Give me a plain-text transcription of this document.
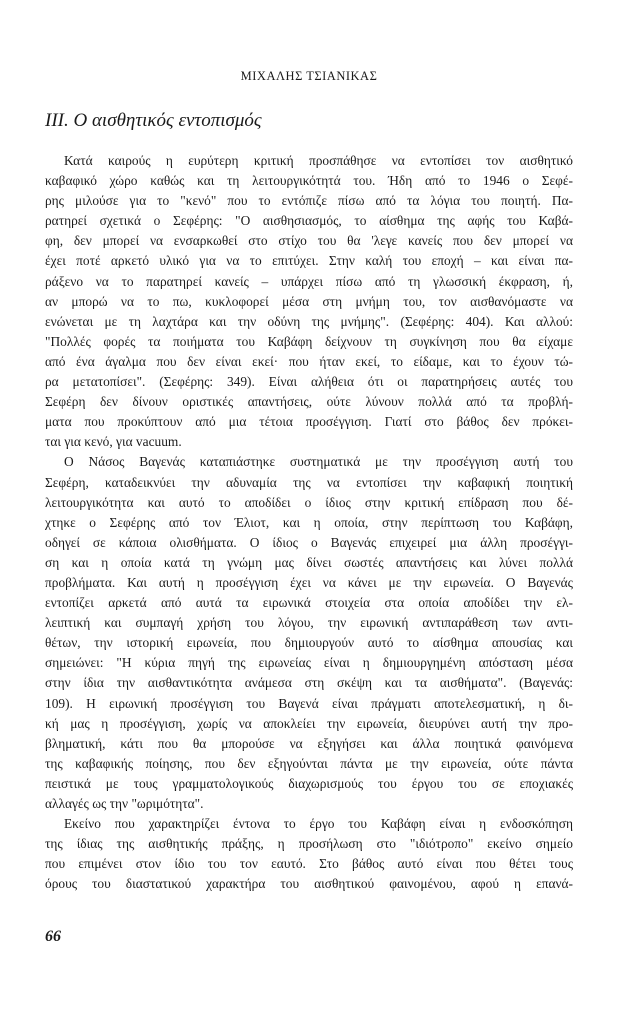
ΜΙΧΑΛΗΣ ΤΣΙΑΝΙΚΑΣ
ΙΙΙ. Ο αισθητικός εντοπισμός
Κατά καιρούς η ευρύτερη κριτική προσπάθησε να εντοπίσει τον αισθητικό
καβαφικό χώρο καθώς και τη λειτουργικότητά του. Ήδη από το 1946 ο Σεφέ-
ρης μιλούσε για το "κενό" που το εντόπιζε πίσω από τα λόγια του ποιητή. Πα-
ρατηρεί σχετικά ο Σεφέρης: "Ο αισθησιασμός, το αίσθημα της αφής του Καβά-
φη, δεν μπορεί να ενσαρκωθεί στο στίχο του θα 'λεγε κανείς που δεν μπορεί να
έχει ποτέ αρκετό υλικό για να το επιτύχει. Στην καλή του εποχή – και είναι πα-
ράξενο να το παρατηρεί κανείς – υπάρχει πίσω από τη γλωσσική έκφραση, ή,
αν μπορώ να το πω, κυκλοφορεί μέσα στη μνήμη του, τον αισθανόμαστε να
ενώνεται με τη λαχτάρα και την οδύνη της μνήμης". (Σεφέρης: 404). Και αλλού:
"Πολλές φορές τα ποιήματα του Καβάφη δείχνουν τη συγκίνηση που θα είχαμε
από ένα άγαλμα που δεν είναι εκεί· που ήταν εκεί, το είδαμε, και το έχουν τώ-
ρα μετατοπίσει". (Σεφέρης: 349). Είναι αλήθεια ότι οι παρατηρήσεις αυτές του
Σεφέρη δεν δίνουν οριστικές απαντήσεις, ούτε λύνουν πολλά από τα προβλή-
ματα που προκύπτουν από μια τέτοια προσέγγιση. Γιατί στο βάθος δεν πρόκει-
ται για κενό, για vacuum.
Ο Νάσος Βαγενάς καταπιάστηκε συστηματικά με την προσέγγιση αυτή του
Σεφέρη, καταδεικνύει την αδυναμία της να εντοπίσει την καβαφική ποιητική
λειτουργικότητα και αυτό το αποδίδει ο ίδιος στην κριτική επίδραση που δέ-
χτηκε ο Σεφέρης από τον Έλιοτ, και η οποία, στην περίπτωση του Καβάφη,
οδηγεί σε κάποια ολισθήματα. Ο ίδιος ο Βαγενάς επιχειρεί μια άλλη προσέγγι-
ση και η οποία κατά τη γνώμη μας δίνει σωστές απαντήσεις και λύνει πολλά
προβλήματα. Και αυτή η προσέγγιση έχει να κάνει με την ειρωνεία. Ο Βαγενάς
εντοπίζει αρκετά από αυτά τα ειρωνικά στοιχεία στα οποία αποδίδει την ελ-
λειπτική και συμπαγή χρήση του λόγου, την ειρωνική αντιπαράθεση των αντι-
θέτων, την ιστορική ειρωνεία, που δημιουργούν αυτό το αίσθημα απουσίας και
σημειώνει: "Η κύρια πηγή της ειρωνείας είναι η δημιουργημένη απόσταση μέσα
στην ίδια την αισθαντικότητα ανάμεσα στη σκέψη και τα αισθήματα". (Βαγενάς:
109). Η ειρωνική προσέγγιση του Βαγενά είναι πράγματι αποτελεσματική, η δι-
κή μας η προσέγγιση, χωρίς να αποκλείει την ειρωνεία, διευρύνει αυτή την προ-
βληματική, κάτι που θα μπορούσε να εξηγήσει και άλλα ποιητικά φαινόμενα
της καβαφικής ποίησης, που δεν εξηγούνται πάντα με την ειρωνεία, ούτε πάντα
πειστικά με τους γραμματολογικούς διαχωρισμούς του έργου του σε εποχιακές
αλλαγές ως την "ωριμότητα".
Εκείνο που χαρακτηρίζει έντονα το έργο του Καβάφη είναι η ενδοσκόπηση
της ίδιας της αισθητικής πράξης, η προσήλωση στο "ιδιότροπο" εκείνο σημείο
που επιμένει στον ίδιο του τον εαυτό. Στο βάθος αυτό είναι που θέτει τους
όρους του διαστατικού χαρακτήρα του αισθητικού φαινομένου, αφού η επανά-
66
